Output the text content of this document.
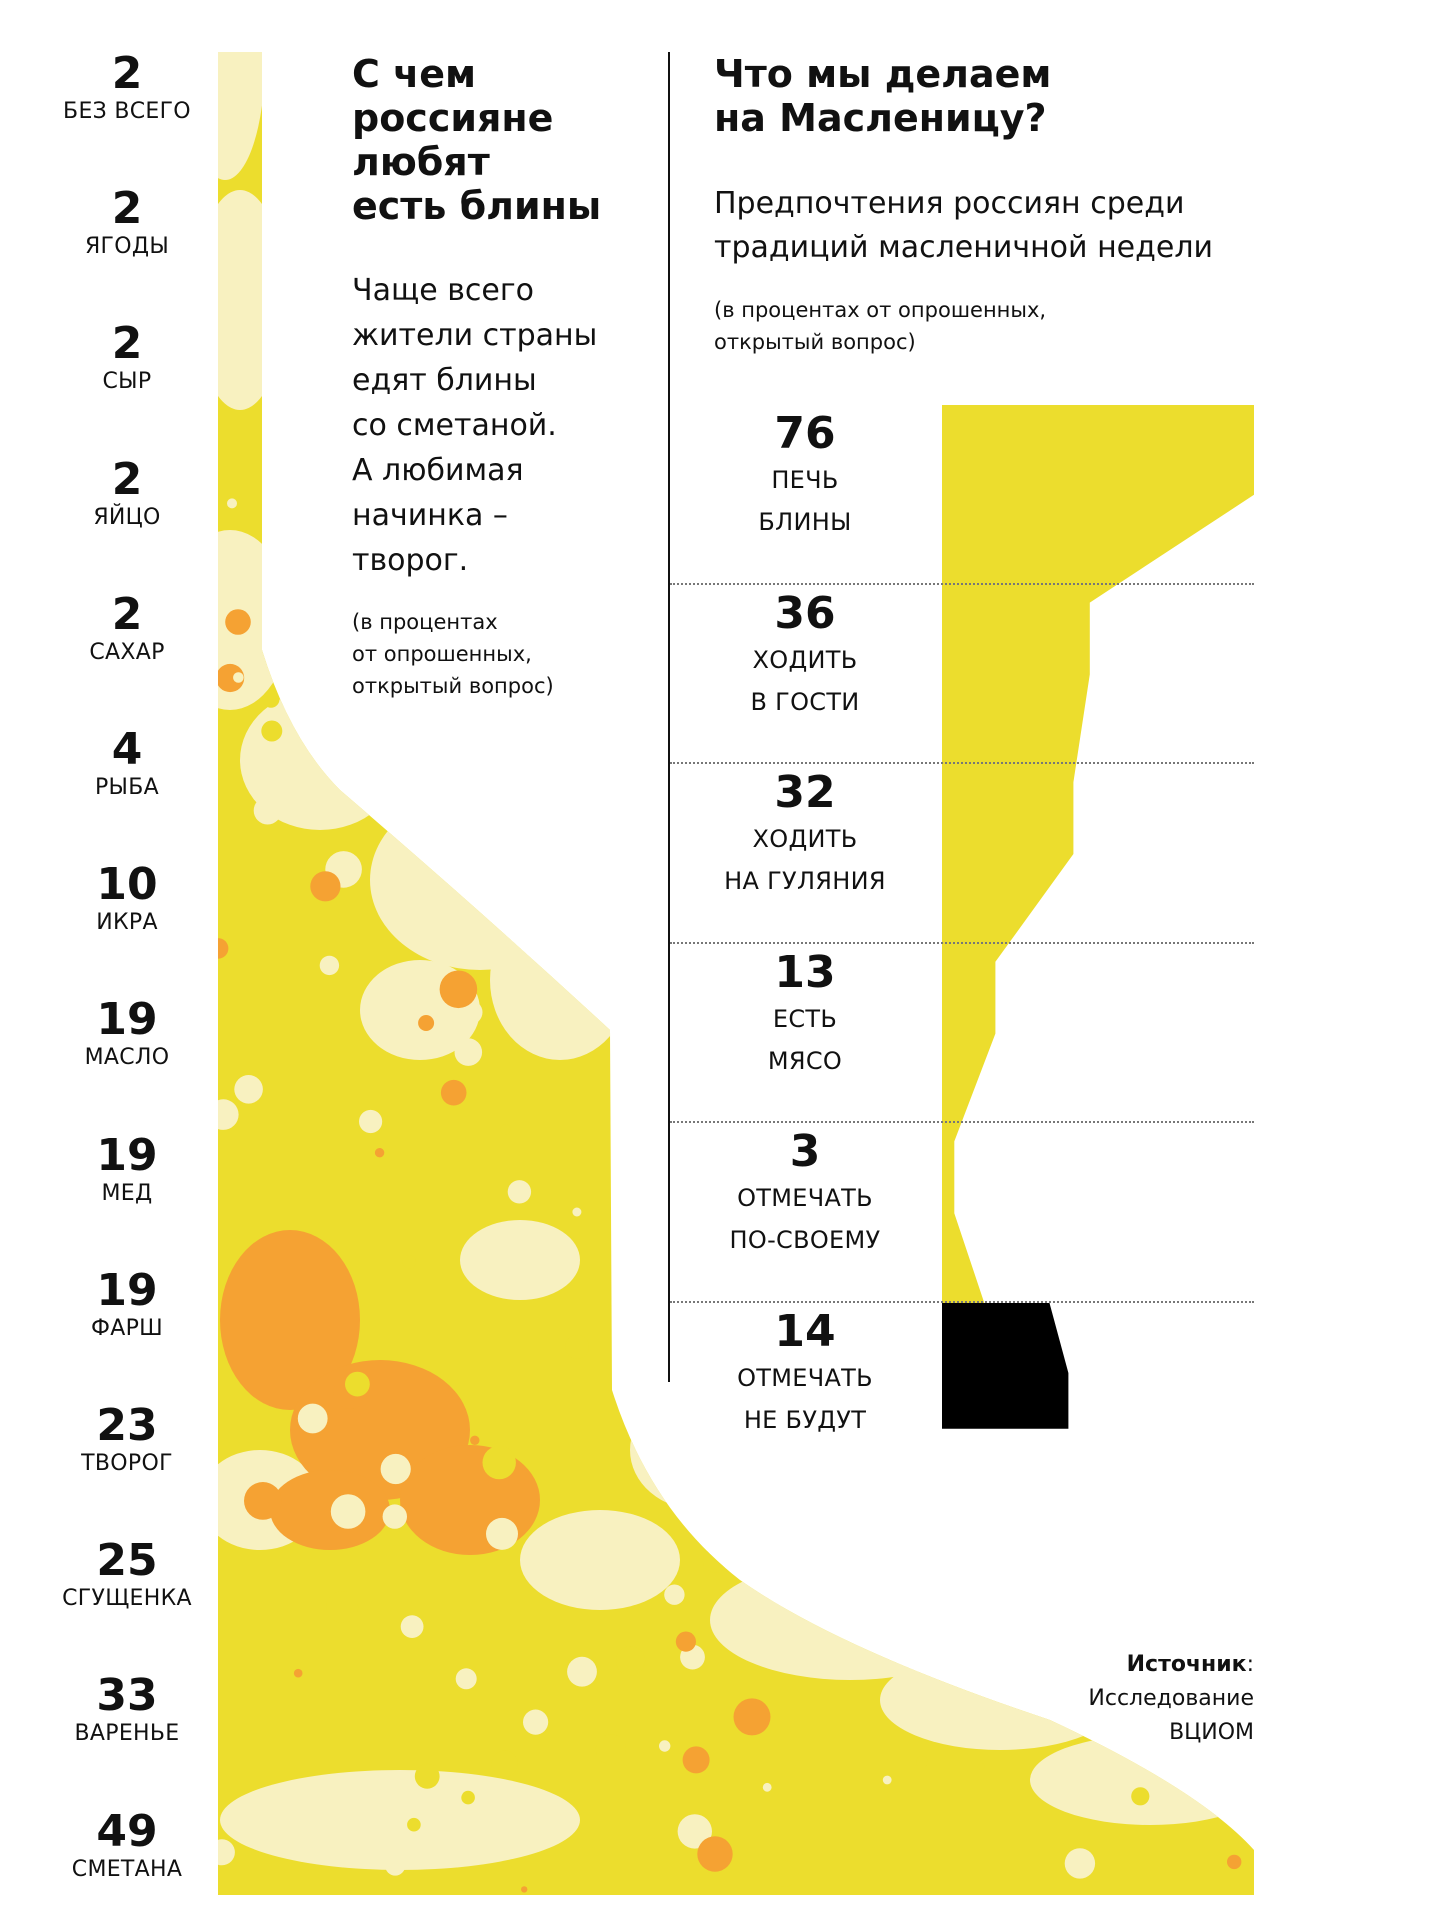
2
БЕЗ ВСЕГО
2
ЯГОДЫ
2
СЫР
2
ЯЙЦО
2
САХАР
4
РЫБА
10
ИКРА
19
МАСЛО
19
МЕД
19
ФАРШ
23
ТВОРОГ
25
СГУЩЕНКА
33
ВАРЕНЬЕ
49
СМЕТАНА

С чем
россияне
любят
есть блины

Чаще всего
жители страны
едят блины
со сметаной.
А любимая
начинка –
творог.

(в процентах
от опрошенных,
открытый вопрос)

Что мы делаем
на Масленицу?

Предпочтения россиян среди
традиций масленичной недели

(в процентах от опрошенных,
открытый вопрос)

76
ПЕЧЬ
БЛИНЫ
36
ХОДИТЬ
В ГОСТИ
32
ХОДИТЬ
НА ГУЛЯНИЯ
13
ЕСТЬ
МЯСО
3
ОТМЕЧАТЬ
ПО-СВОЕМУ
14
ОТМЕЧАТЬ
НЕ БУДУТ
Источник:
Исследование
ВЦИОМ
